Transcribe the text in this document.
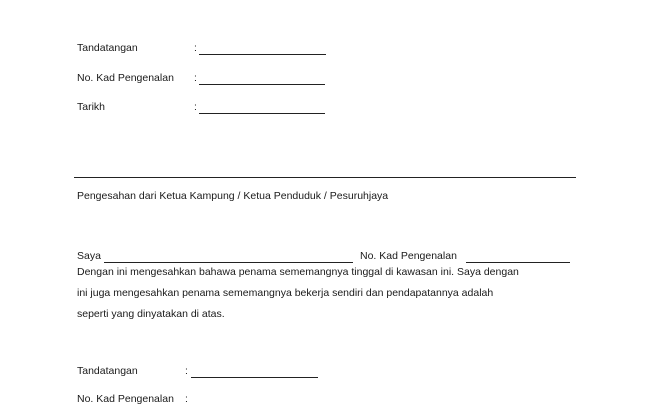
Tandatangan	:
No. Kad Pengenalan :
Tarikh	:
Pengesahan dari Ketua Kampung / Ketua Penduduk / Pesuruhjaya
Saya	No. Kad Pengenalan
Dengan ini mengesahkan bahawa penama sememangnya tinggal di kawasan ini. Saya dengan
ini juga mengesahkan penama sememangnya bekerja sendiri dan pendapatannya adalah
seperti yang dinyatakan di atas.
Tandatangan	:
No. Kad Pengenalan :
